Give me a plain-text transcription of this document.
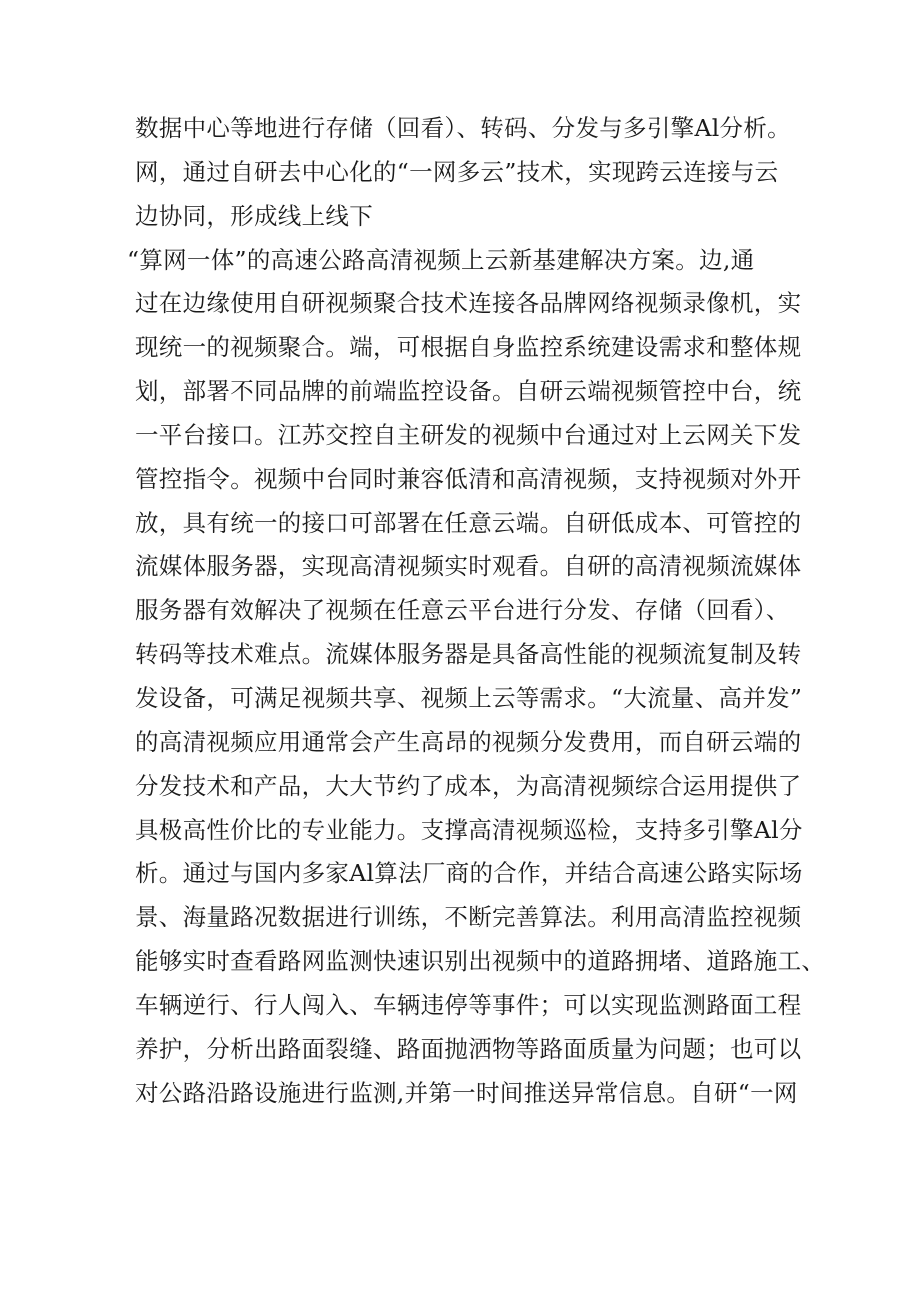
数据中心等地进行存储（回看）、转码、分发与多引擎Al分析。
网，通过自研去中心化的“一网多云”技术，实现跨云连接与云
边协同，形成线上线下
“算网一体”的高速公路高清视频上云新基建解决方案。边,通
过在边缘使用自研视频聚合技术连接各品牌网络视频录像机，实
现统一的视频聚合。端，可根据自身监控系统建设需求和整体规
划，部署不同品牌的前端监控设备。自研云端视频管控中台，统
一平台接口。江苏交控自主研发的视频中台通过对上云网关下发
管控指令。视频中台同时兼容低清和高清视频，支持视频对外开
放，具有统一的接口可部署在任意云端。自研低成本、可管控的
流媒体服务器，实现高清视频实时观看。自研的高清视频流媒体
服务器有效解决了视频在任意云平台进行分发、存储（回看）、
转码等技术难点。流媒体服务器是具备高性能的视频流复制及转
发设备，可满足视频共享、视频上云等需求。“大流量、高并发”
的高清视频应用通常会产生高昂的视频分发费用，而自研云端的
分发技术和产品，大大节约了成本，为高清视频综合运用提供了
具极高性价比的专业能力。支撑高清视频巡检，支持多引擎Al分
析。通过与国内多家Al算法厂商的合作，并结合高速公路实际场
景、海量路况数据进行训练，不断完善算法。利用高清监控视频
能够实时查看路网监测快速识别出视频中的道路拥堵、道路施工、
车辆逆行、行人闯入、车辆违停等事件；可以实现监测路面工程
养护，分析出路面裂缝、路面抛洒物等路面质量为问题；也可以
对公路沿路设施进行监测,并第一时间推送异常信息。自研“一网
